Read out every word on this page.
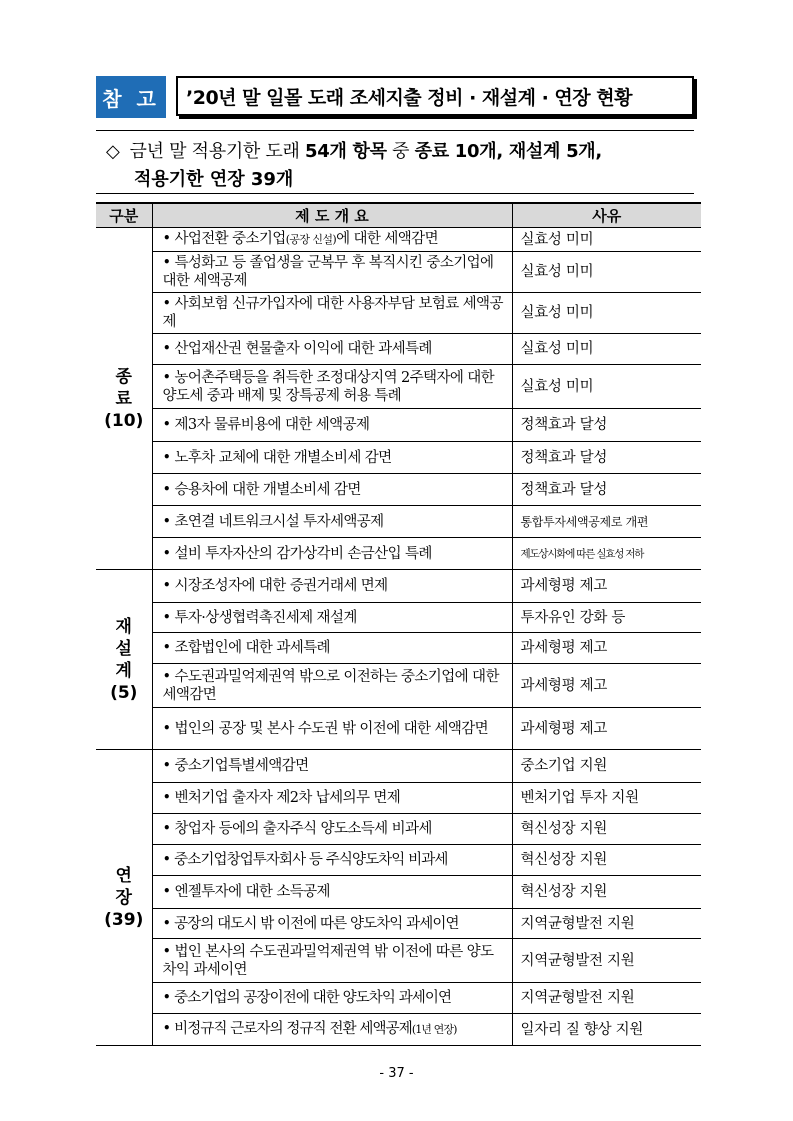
참 고	’20년 말 일몰 도래 조세지출 정비 · 재설계 · 연장 현황
◇ 금년 말 적용기한 도래 54개 항목 중 종료 10개, 재설계 5개,
적용기한 연장 39개
구분	제 도 개 요	사유
종
료
(10)	• 사업전환 중소기업(공장 신설)에 대한 세액감면	실효성 미미
	• 특성화고 등 졸업생을 군복무 후 복직시킨 중소기업에 대한 세액공제	실효성 미미
	• 사회보험 신규가입자에 대한 사용자부담 보험료 세액공제	실효성 미미
	• 산업재산권 현물출자 이익에 대한 과세특례	실효성 미미
	• 농어촌주택등을 취득한 조정대상지역 2주택자에 대한 양도세 중과 배제 및 장특공제 허용 특례	실효성 미미
	• 제3자 물류비용에 대한 세액공제	정책효과 달성
	• 노후차 교체에 대한 개별소비세 감면	정책효과 달성
	• 승용차에 대한 개별소비세 감면	정책효과 달성
	• 초연결 네트워크시설 투자세액공제	통합투자세액공제로 개편
	• 설비 투자자산의 감가상각비 손금산입 특례	제도상시화에 따른 실효성 저하
재
설
계
(5)	• 시장조성자에 대한 증권거래세 면제	과세형평 제고
	• 투자·상생협력촉진세제 재설계	투자유인 강화 등
	• 조합법인에 대한 과세특례	과세형평 제고
	• 수도권과밀억제권역 밖으로 이전하는 중소기업에 대한 세액감면	과세형평 제고
	• 법인의 공장 및 본사 수도권 밖 이전에 대한 세액감면	과세형평 제고
연
장
(39)	• 중소기업특별세액감면	중소기업 지원
	• 벤처기업 출자자 제2차 납세의무 면제	벤처기업 투자 지원
	• 창업자 등에의 출자주식 양도소득세 비과세	혁신성장 지원
	• 중소기업창업투자회사 등 주식양도차익 비과세	혁신성장 지원
	• 엔젤투자에 대한 소득공제	혁신성장 지원
	• 공장의 대도시 밖 이전에 따른 양도차익 과세이연	지역균형발전 지원
	• 법인 본사의 수도권과밀억제권역 밖 이전에 따른 양도차익 과세이연	지역균형발전 지원
	• 중소기업의 공장이전에 대한 양도차익 과세이연	지역균형발전 지원
	• 비정규직 근로자의 정규직 전환 세액공제(1년 연장)	일자리 질 향상 지원
- 37 -
